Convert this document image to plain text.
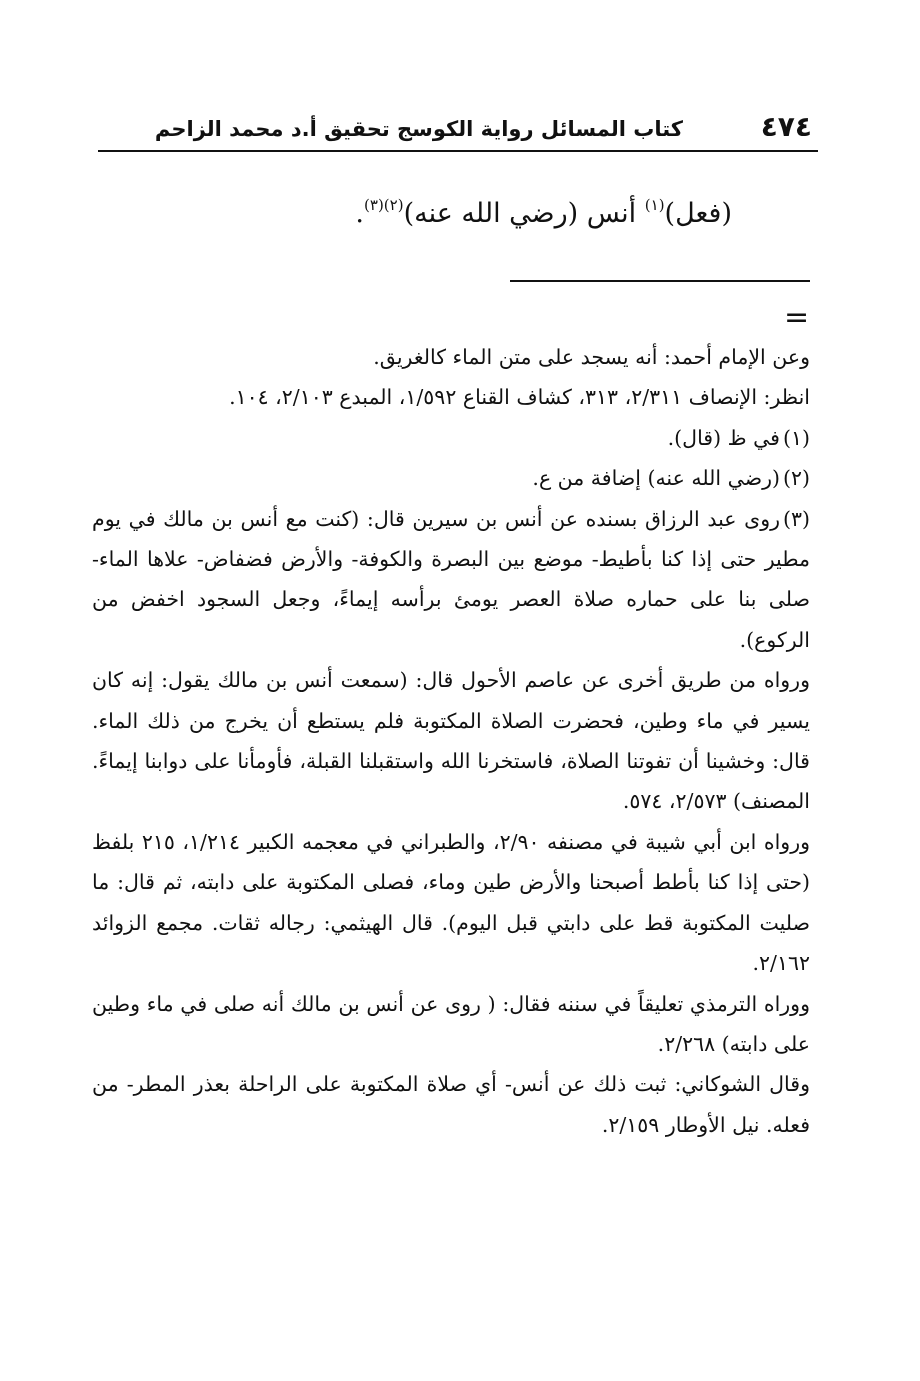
٤٧٤
كتاب المسائل رواية الكوسج تحقيق أ.د محمد الزاحم
(فعل)$^{(١)}$ أنس (رضي الله عنه)$^{(٢)(٣)}$.
=

وعن الإمام أحمد: أنه يسجد على متن الماء كالغريق.

انظر: الإنصاف ٢/٣١١، ٣١٣، كشاف القناع ١/٥٩٢، المبدع ٢/١٠٣، ١٠٤.

(١)في ظ (قال).

(٢)(رضي الله عنه) إضافة من ع.

(٣)روى عبد الرزاق بسنده عن أنس بن سيرين قال: (كنت مع أنس بن مالك في يوم مطير حتى إذا كنا بأطيط- موضع بين البصرة والكوفة- والأرض فضفاض- علاها الماء- صلى بنا على حماره صلاة العصر يومئ برأسه إيماءً، وجعل السجود اخفض من الركوع).

ورواه من طريق أخرى عن عاصم الأحول قال: (سمعت أنس بن مالك يقول: إنه كان يسير في ماء وطين، فحضرت الصلاة المكتوبة فلم يستطع أن يخرج من ذلك الماء. قال: وخشينا أن تفوتنا الصلاة، فاستخرنا الله واستقبلنا القبلة، فأومأنا على دوابنا إيماءً. المصنف) ٢/٥٧٣، ٥٧٤.

ورواه ابن أبي شيبة في مصنفه ٢/٩٠، والطبراني في معجمه الكبير ١/٢١٤، ٢١٥ بلفظ (حتى إذا كنا بأطط أصبحنا والأرض طين وماء، فصلى المكتوبة على دابته، ثم قال: ما صليت المكتوبة قط على دابتي قبل اليوم). قال الهيثمي: رجاله ثقات. مجمع الزوائد ٢/١٦٢.

ووراه الترمذي تعليقاً في سننه فقال: ( روى عن أنس بن مالك أنه صلى في ماء وطين على دابته) ٢/٢٦٨.

وقال الشوكاني: ثبت ذلك عن أنس- أي صلاة المكتوبة على الراحلة بعذر المطر- من فعله. نيل الأوطار ٢/١٥٩.
